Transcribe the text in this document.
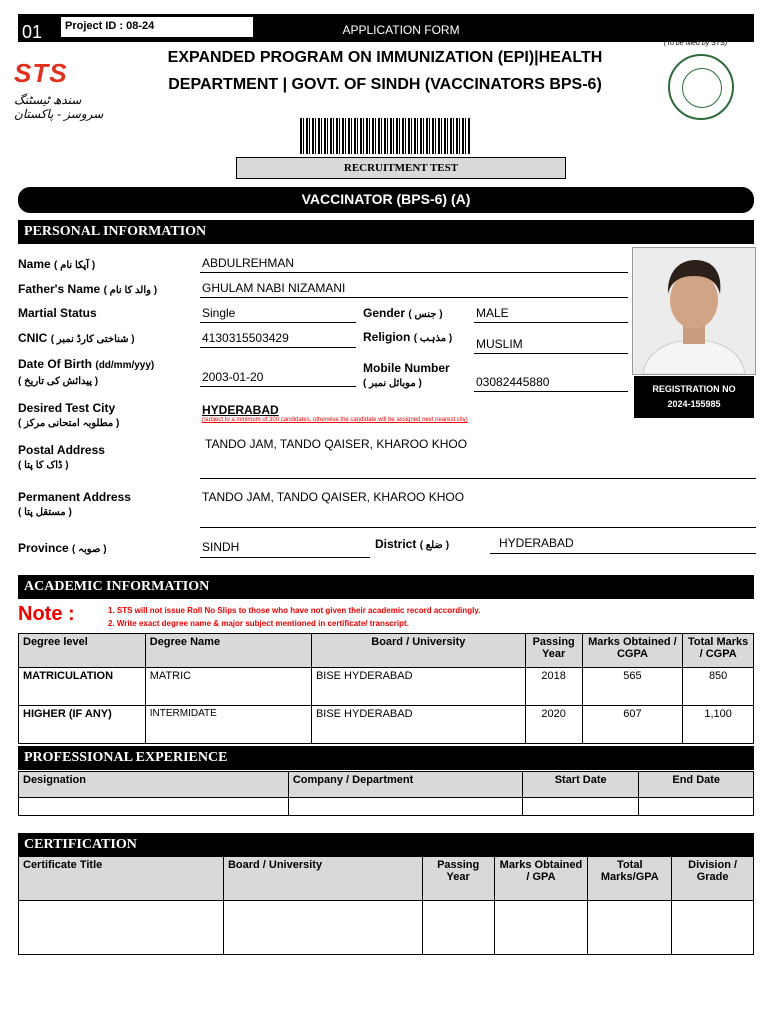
01	Project ID : 08-24	APPLICATION FORM	REG. NO # ______________
(To be filled by STS)
EXPANDED PROGRAM ON IMMUNIZATION (EPI)|HEALTH
DEPARTMENT | GOVT. OF SINDH (VACCINATORS BPS-6)
STS
سندھ ٹیسٹنگ سروسز - پاکستان
RECRUITMENT TEST
VACCINATOR (BPS-6) (A)
PERSONAL INFORMATION
Name ( آپکا نام )	ABDULREHMAN
Father's Name ( والد کا نام )	GHULAM NABI NIZAMANI
Martial Status	Single	Gender ( جنس )	MALE
CNIC ( شناختی کارڈ نمبر )	4130315503429	Religion ( مذہب ) MUSLIM
Date Of Birth (dd/mm/yyy)
( پیدائش کی تاریخ )	2003-01-20
Mobile Number
( موبائل نمبر )	03082445880
Desired Test City
( مطلوبہ امتحانی مرکز )
HYDERABAD
(subject to a minimum of 300 candidates, otherwise the candidate will be assigned next nearest city)
Postal Address
( ڈاک کا پتا )
TANDO JAM, TANDO QAISER, KHAROO KHOO
Permanent Address
( مستقل پتا )
TANDO JAM, TANDO QAISER, KHAROO KHOO
Province ( صوبہ )	SINDH	District ( ضلع )	HYDERABAD
REGISTRATION NO
2024-155985
ACADEMIC INFORMATION
Note :	1. STS will not issue Roll No Slips to those who have not given their academic record accordingly.
2. Write exact degree name & major subject mentioned in certificate/ transcript.
Degree level	Degree Name	Board / University	Passing Year	Marks Obtained / CGPA	Total Marks / CGPA
MATRICULATION	MATRIC	BISE HYDERABAD	2018	565	850
HIGHER (IF ANY)	INTERMIDATE	BISE HYDERABAD	2020	607	1,100
PROFESSIONAL EXPERIENCE
Designation	Company / Department	Start Date	End Date

CERTIFICATION
Certificate Title	Board / University	Passing Year	Marks Obtained / GPA	Total Marks/GPA	Division / Grade
